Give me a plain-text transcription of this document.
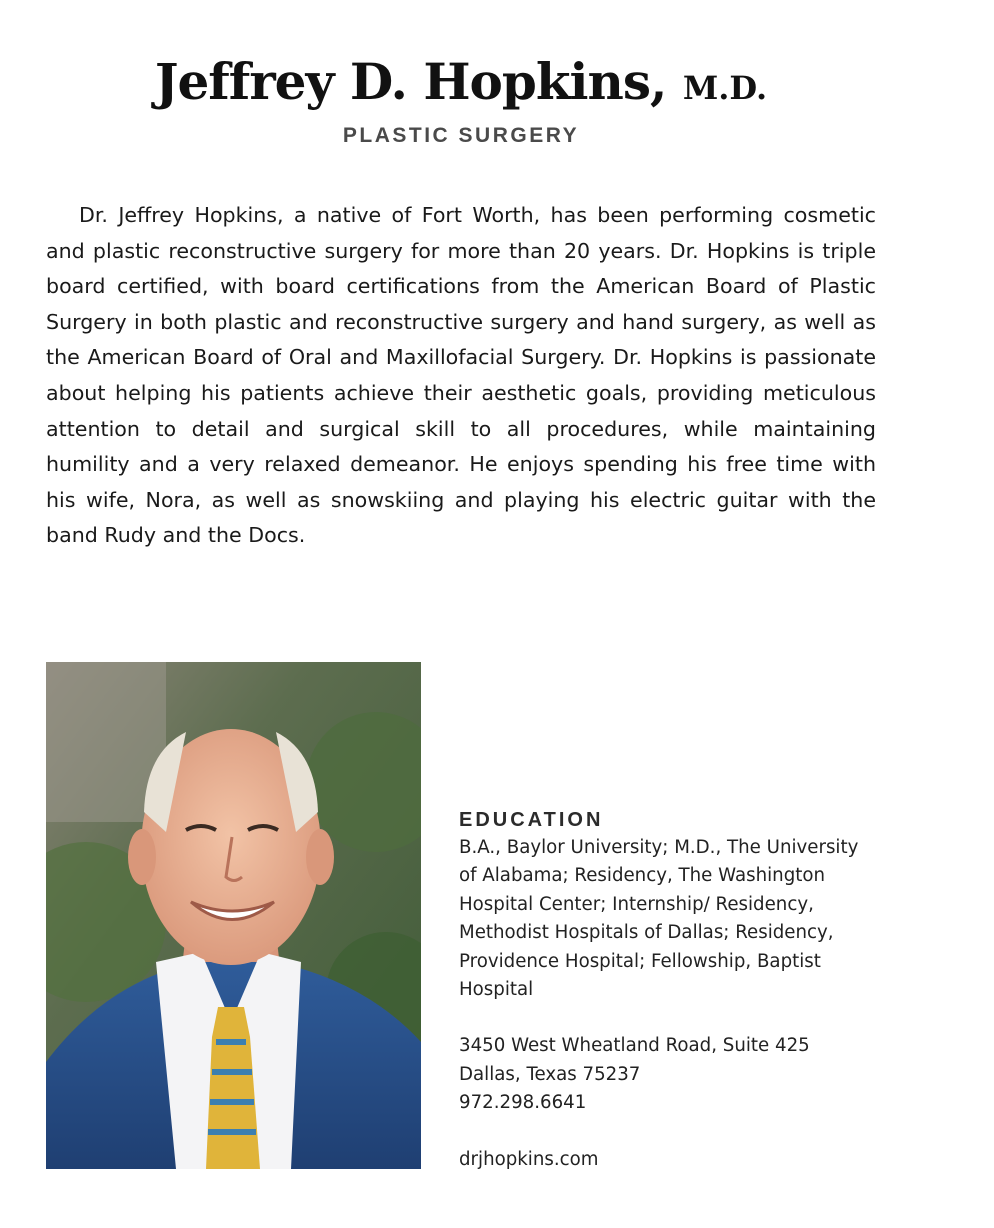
Jeffrey D. Hopkins, M.D.
PLASTIC SURGERY

Dr. Jeffrey Hopkins, a native of Fort Worth, has been performing cosmetic and plastic reconstructive surgery for more than 20 years. Dr. Hopkins is triple board certified, with board certifications from the American Board of Plastic Surgery in both plastic and reconstructive surgery and hand surgery, as well as the American Board of Oral and Maxillofacial Surgery. Dr. Hopkins is passionate about helping his patients achieve their aesthetic goals, providing meticulous attention to detail and surgical skill to all procedures, while maintaining humility and a very relaxed demeanor. He enjoys spending his free time with his wife, Nora, as well as snowskiing and playing his electric guitar with the band Rudy and the Docs.

EDUCATION

B.A., Baylor University; M.D., The University of Alabama; Residency, The Washington Hospital Center; Internship/ Residency, Methodist Hospitals of Dallas; Residency, Providence Hospital; Fellowship, Baptist Hospital

3450 West Wheatland Road, Suite 425
Dallas, Texas 75237
972.298.6641
drjhopkins.com
